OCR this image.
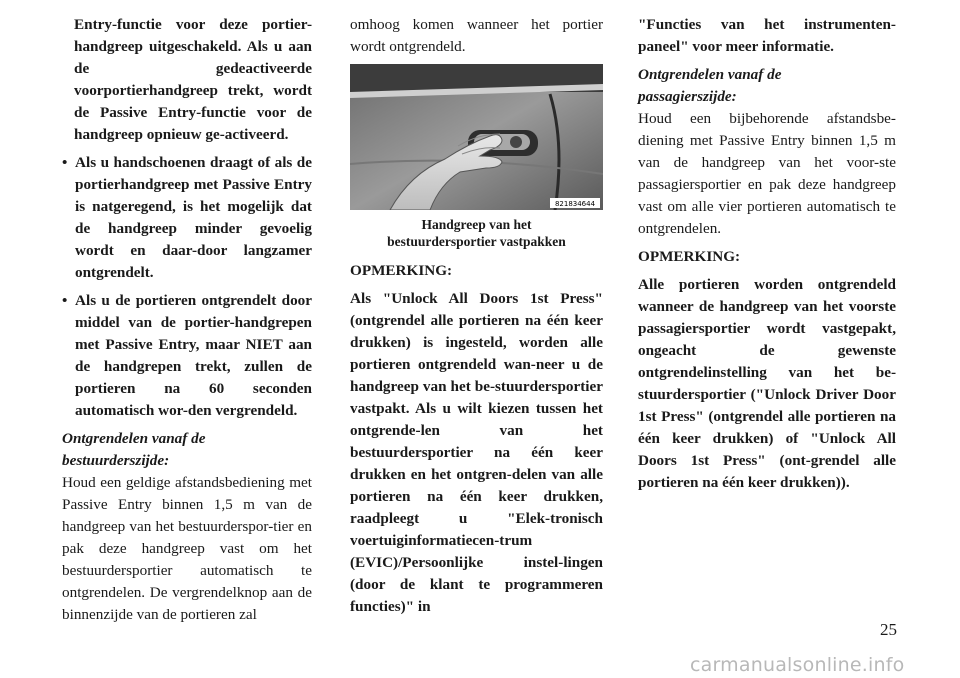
Entry-functie voor deze portier-handgreep uitgeschakeld. Als u aan de gedeactiveerde voorportierhandgreep trekt, wordt de Passive Entry-functie voor de handgreep opnieuw ge-activeerd.

• Als u handschoenen draagt of als de portierhandgreep met Passive Entry is natgeregend, is het mogelijk dat de handgreep minder gevoelig wordt en daar-door langzamer ontgrendelt.
• Als u de portieren ontgrendelt door middel van de portier-handgrepen met Passive Entry, maar NIET aan de handgrepen trekt, zullen de portieren na 60 seconden automatisch wor-den vergrendeld.

Ontgrendelen vanaf de

bestuurderszijde:

Houd een geldige afstandsbediening met Passive Entry binnen 1,5 m van de handgreep van het bestuurderspor-tier en pak deze handgreep vast om het bestuurdersportier automatisch te ontgrendelen. De vergrendelknop aan de binnenzijde van de portieren zal

omhoog komen wanneer het portier wordt ontgrendeld.

821834644
Handgreep van het
bestuurdersportier vastpakken

OPMERKING:

Als "Unlock All Doors 1st Press" (ontgrendel alle portieren na één keer drukken) is ingesteld, worden alle portieren ontgrendeld wan-neer u de handgreep van het be-stuurdersportier vastpakt. Als u wilt kiezen tussen het ontgrende-len van het bestuurdersportier na één keer drukken en het ontgren-delen van alle portieren na één keer drukken, raadpleegt u "Elek-tronisch voertuiginformatiecen-trum (EVIC)/Persoonlijke instel-lingen (door de klant te programmeren functies)" in

"Functies van het instrumenten-paneel" voor meer informatie.

Ontgrendelen vanaf de

passagierszijde:

Houd een bijbehorende afstandsbe-diening met Passive Entry binnen 1,5 m van de handgreep van het voor-ste passagiersportier en pak deze handgreep vast om alle vier portieren automatisch te ontgrendelen.

OPMERKING:

Alle portieren worden ontgrendeld wanneer de handgreep van het voorste passagiersportier wordt vastgepakt, ongeacht de gewenste ontgrendelinstelling van het be-stuurdersportier ("Unlock Driver Door 1st Press" (ontgrendel alle portieren na één keer drukken) of "Unlock All Doors 1st Press" (ont-grendel alle portieren na één keer drukken)).

25
carmanualsonline.info
